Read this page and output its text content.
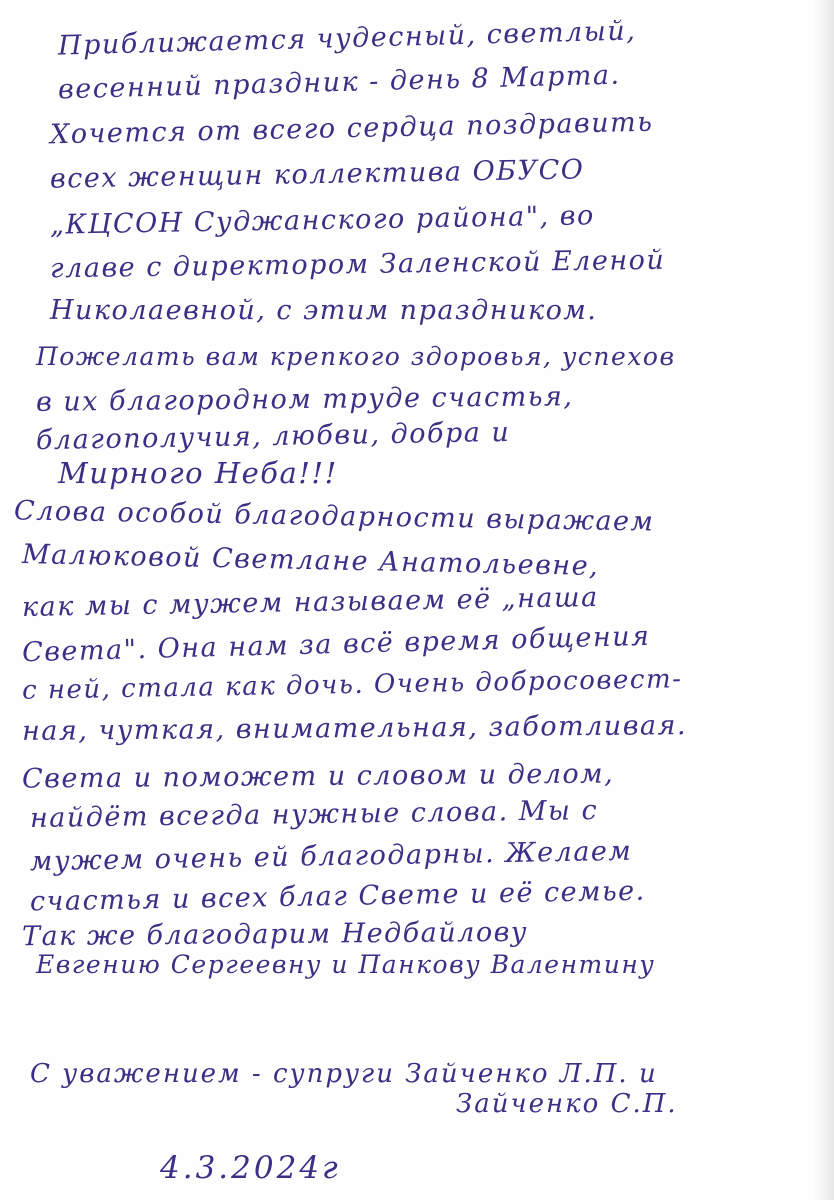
Приближается чудесный, светлый,
весенний праздник - день 8 Марта.
Хочется от всего сердца поздравить
всех женщин коллектива ОБУСО
„КЦСОН Суджанского района", во
главе с директором Заленской Еленой
Николаевной, с этим праздником.
Пожелать вам крепкого здоровья, успехов
в их благородном труде счастья,
благополучия, любви, добра и
Мирного Неба!!!
Слова особой благодарности выражаем
Малюковой Светлане Анатольевне,
как мы с мужем называем её „наша
Света". Она нам за всё время общения
с ней, стала как дочь. Очень добросовест-
ная, чуткая, внимательная, заботливая.
Света и поможет и словом и делом,
найдёт всегда нужные слова. Мы с
мужем очень ей благодарны. Желаем
счастья и всех благ Свете и её семье.
Так же благодарим Недбайлову
Евгению Сергеевну и Панкову Валентину
С уважением - супруги Зайченко Л.П. и
Зайченко С.П.
4.3.2024г
